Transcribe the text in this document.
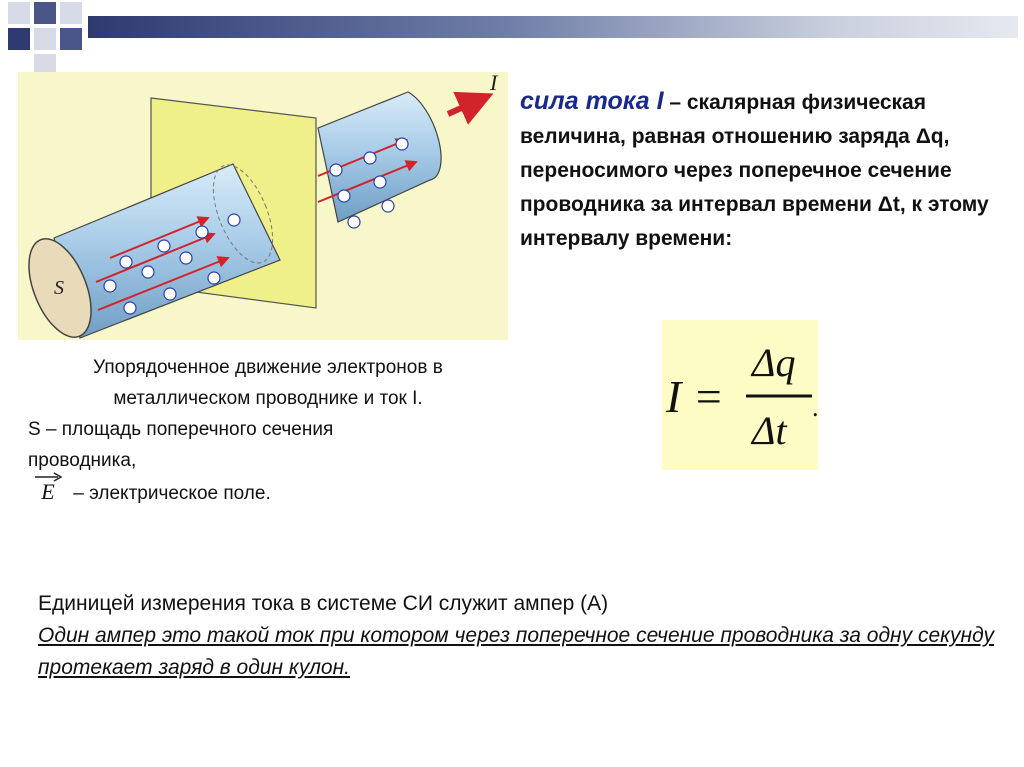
S
I
Упорядоченное движение электронов в
металлическом проводнике и ток I.
S – площадь поперечного сечения
проводника,
E – электрическое поле.
сила тока I – скалярная физическая величина, равная отношению заряда Δq, переносимого через поперечное сечение проводника за интервал времени Δt, к этому интервалу времени:
I =
Δq
Δt
.
Единицей измерения тока в системе СИ служит ампер (А)
Один ампер это такой ток при котором через поперечное сечение проводника за одну секунду протекает заряд в один кулон.
